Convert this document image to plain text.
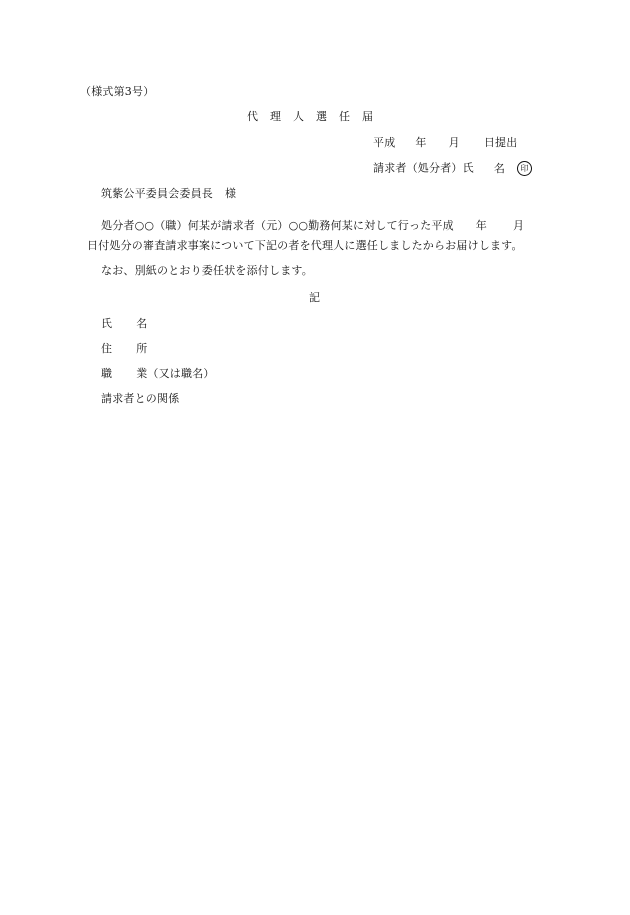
（様式第3号）
代 理 人 選 任 届
平成 年 月 日提出
請求者（処分者）氏 名 印
筑紫公平委員会委員長 様
処分者○○（職）何某が請求者（元）○○勤務何某に対して行った平成 年 月
日付処分の審査請求事案について下記の者を代理人に選任しましたからお届けします。
なお、別紙のとおり委任状を添付します。
記
氏 名
住 所
職 業（又は職名）
請求者との関係
